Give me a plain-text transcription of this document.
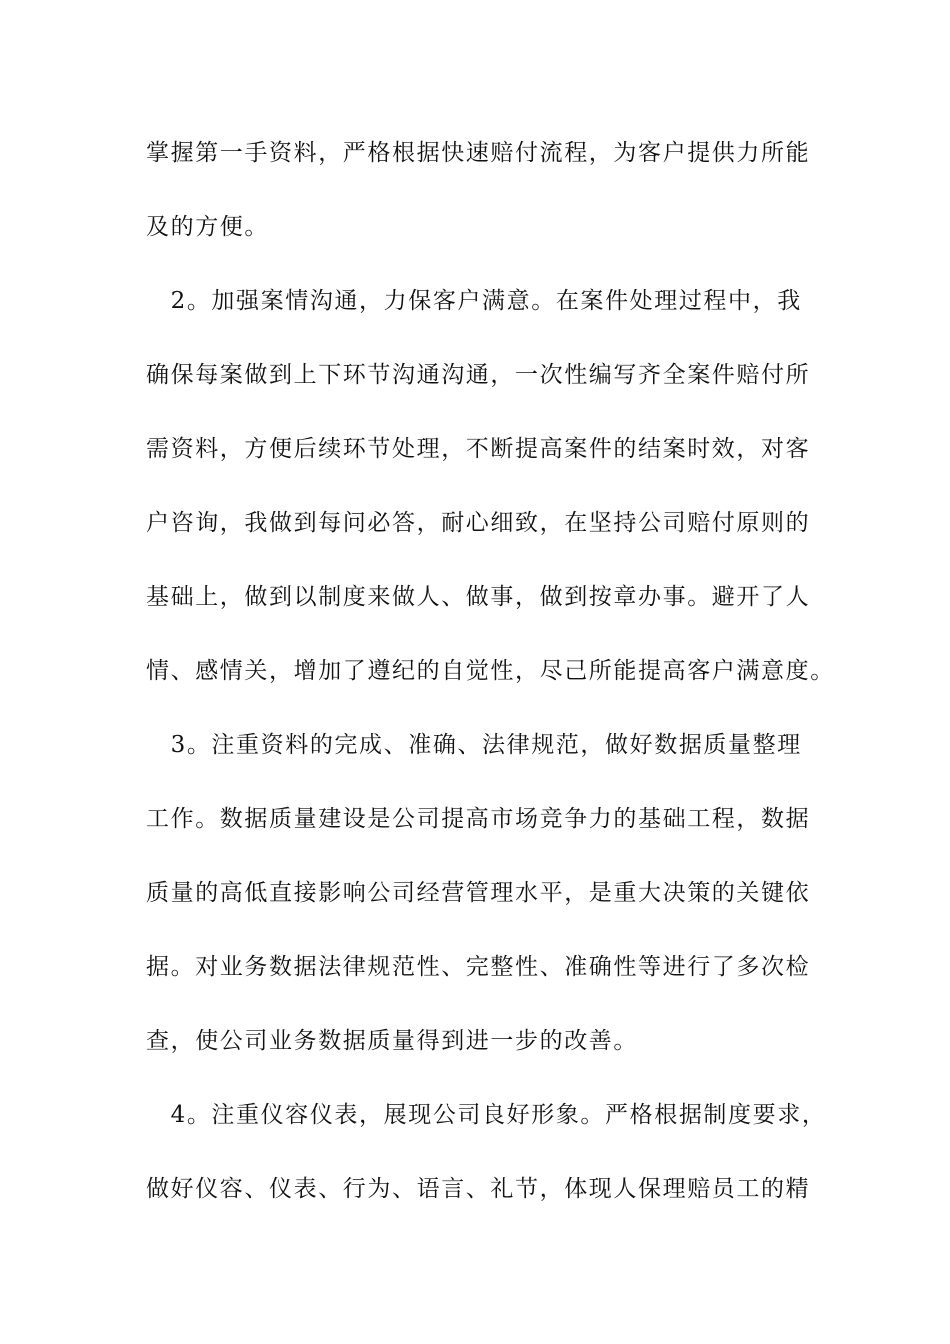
掌握第一手资料，严格根据快速赔付流程，为客户提供力所能
及的方便。
　2。加强案情沟通，力保客户满意。在案件处理过程中，我
确保每案做到上下环节沟通沟通，一次性编写齐全案件赔付所
需资料，方便后续环节处理，不断提高案件的结案时效，对客
户咨询，我做到每问必答，耐心细致，在坚持公司赔付原则的
基础上，做到以制度来做人、做事，做到按章办事。避开了人
情、感情关，增加了遵纪的自觉性，尽己所能提高客户满意度。
　3。注重资料的完成、准确、法律规范，做好数据质量整理
工作。数据质量建设是公司提高市场竞争力的基础工程，数据
质量的高低直接影响公司经营管理水平，是重大决策的关键依
据。对业务数据法律规范性、完整性、准确性等进行了多次检
查，使公司业务数据质量得到进一步的改善。
　4。注重仪容仪表，展现公司良好形象。严格根据制度要求，
做好仪容、仪表、行为、语言、礼节，体现人保理赔员工的精
